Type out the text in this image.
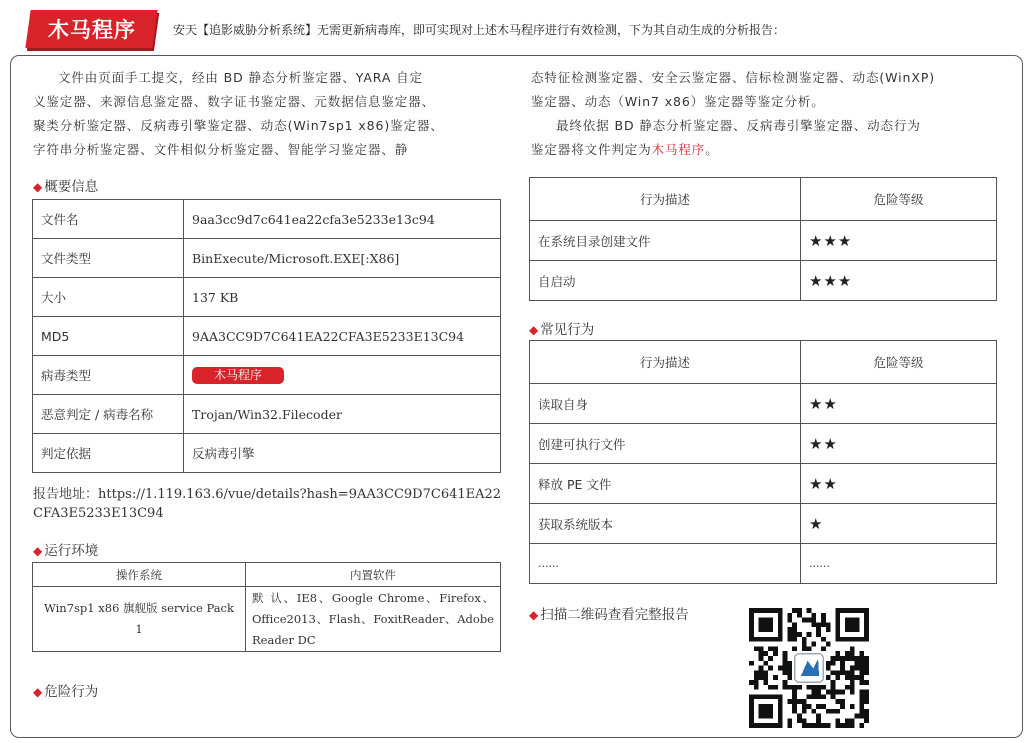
木马程序	安天【追影威胁分析系统】无需更新病毒库，即可实现对上述木马程序进行有效检测，下为其自动生成的分析报告：
文件由页面手工提交，经由 BD 静态分析鉴定器、YARA 自定
义鉴定器、来源信息鉴定器、数字证书鉴定器、元数据信息鉴定器、
聚类分析鉴定器、反病毒引擎鉴定器、动态(Win7sp1 x86)鉴定器、
字符串分析鉴定器、文件相似分析鉴定器、智能学习鉴定器、静
态特征检测鉴定器、安全云鉴定器、信标检测鉴定器、动态(WinXP)
鉴定器、动态（Win7 x86）鉴定器等鉴定分析。
最终依据 BD 静态分析鉴定器、反病毒引擎鉴定器、动态行为
鉴定器将文件判定为木马程序。
◆ 概要信息
文件名	9aa3cc9d7c641ea22cfa3e5233e13c94
文件类型	BinExecute/Microsoft.EXE[:X86]
大小	137 KB
MD5	9AA3CC9D7C641EA22CFA3E5233E13C94
病毒类型	木马程序
恶意判定 / 病毒名称	Trojan/Win32.Filecoder
判定依据	反病毒引擎
报告地址：https://1.119.163.6/vue/details?hash=9AA3CC9D7C641EA22CFA3E5233E13C94
◆ 运行环境
操作系统	内置软件
Win7sp1 x86 旗舰版 service Pack 1	默 认、IE8、Google Chrome、Firefox、Office2013、Flash、FoxitReader、Adobe Reader DC
◆ 危险行为
行为描述	危险等级
在系统目录创建文件	★★★
自启动	★★★
◆ 常见行为
行为描述	危险等级
读取自身	★★
创建可执行文件	★★
释放 PE 文件	★★
获取系统版本	★
......	......
◆ 扫描二维码查看完整报告
